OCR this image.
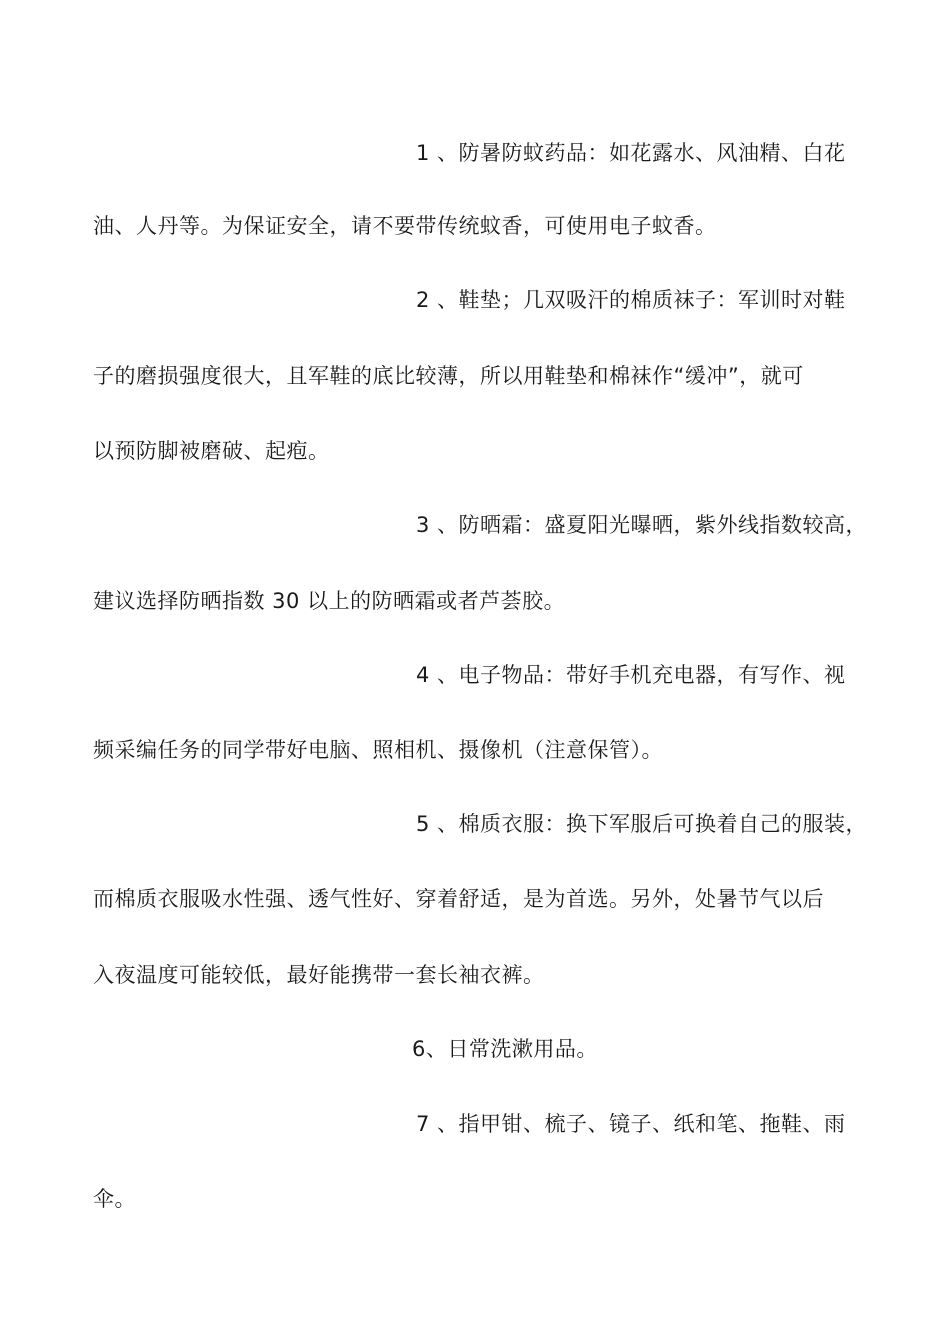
1 、防暑防蚊药品：如花露水、风油精、白花
油、人丹等。为保证安全，请不要带传统蚊香，可使用电子蚊香。
2 、鞋垫；几双吸汗的棉质袜子：军训时对鞋
子的磨损强度很大，且军鞋的底比较薄，所以用鞋垫和棉袜作“缓冲”，就可
以预防脚被磨破、起疱。
3 、防晒霜：盛夏阳光曝晒，紫外线指数较高，
建议选择防晒指数 30 以上的防晒霜或者芦荟胶。
4 、电子物品：带好手机充电器，有写作、视
频采编任务的同学带好电脑、照相机、摄像机（注意保管）。
5 、棉质衣服：换下军服后可换着自己的服装，
而棉质衣服吸水性强、透气性好、穿着舒适，是为首选。另外，处暑节气以后
入夜温度可能较低，最好能携带一套长袖衣裤。
6、日常洗漱用品。
7 、指甲钳、梳子、镜子、纸和笔、拖鞋、雨
伞。
